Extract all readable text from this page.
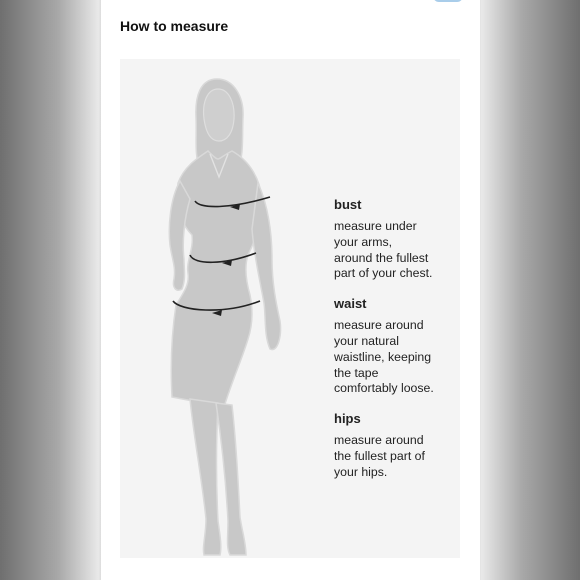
How to measure

bust

measure under
your arms,
around the fullest
part of your chest.

waist

measure around
your natural
waistline, keeping
the tape
comfortably loose.

hips

measure around
the fullest part of
your hips.
